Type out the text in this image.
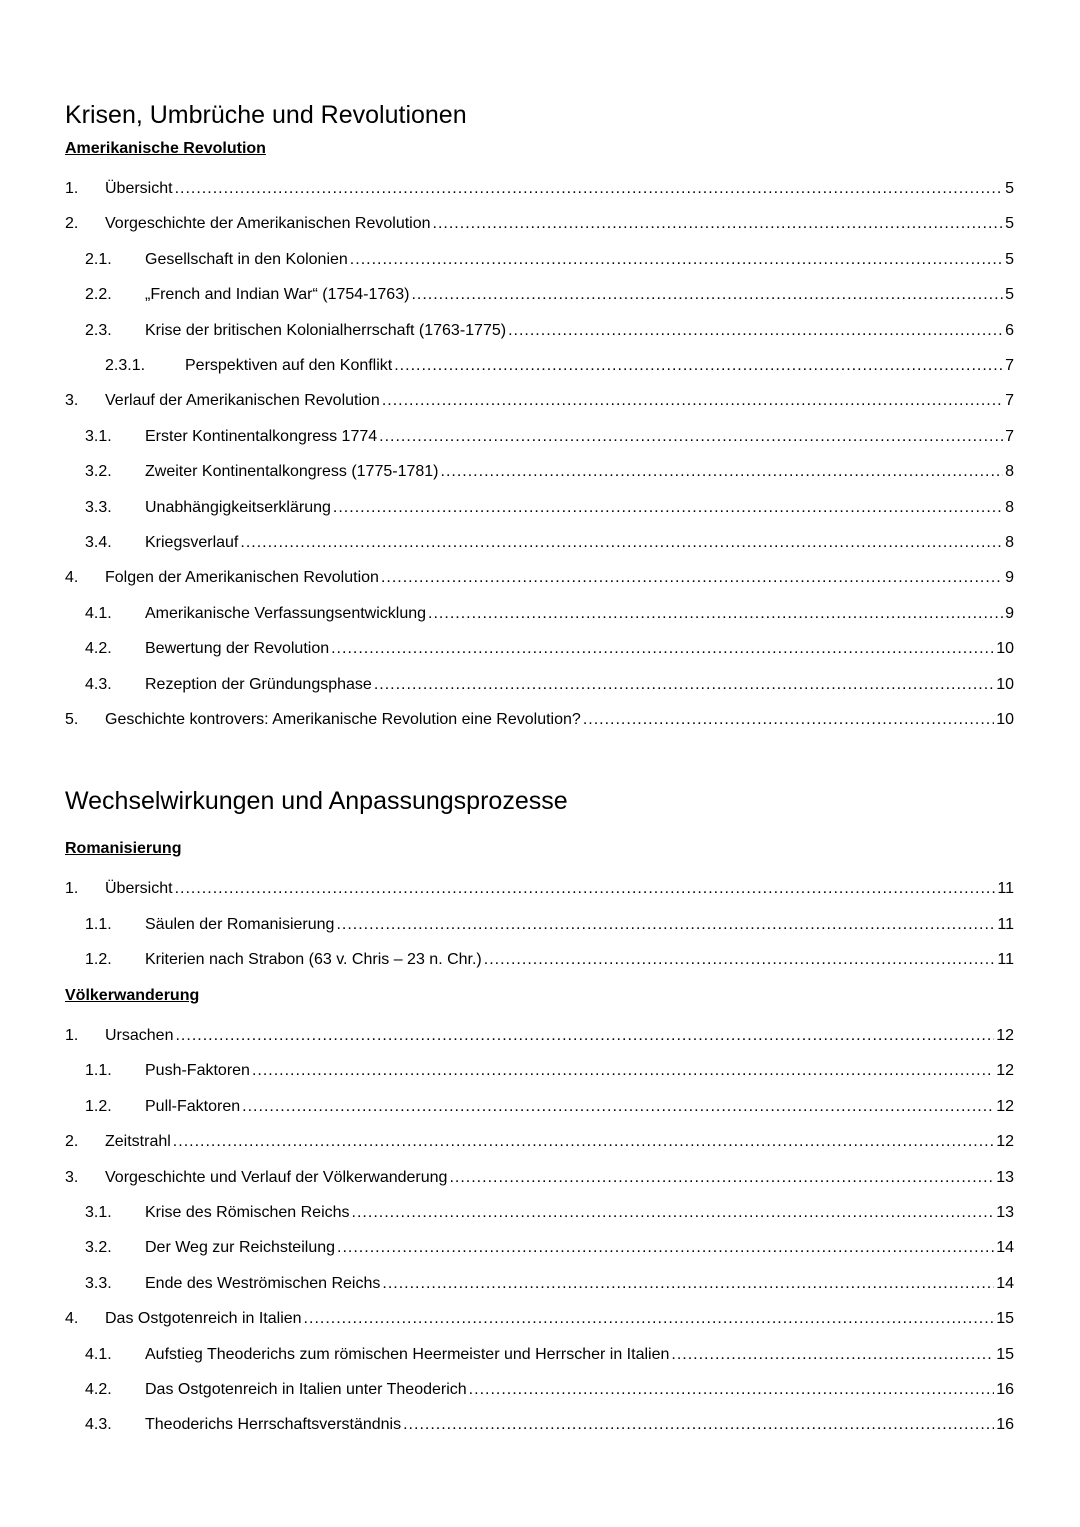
Krisen, Umbrüche und Revolutionen
Amerikanische Revolution
1.	Übersicht .....	5
2.	Vorgeschichte der Amerikanischen Revolution .....	5
2.1.	Gesellschaft in den Kolonien .....	5
2.2.	„French and Indian War“ (1754-1763) .....	5
2.3.	Krise der britischen Kolonialherrschaft (1763-1775) .....	6
2.3.1.	Perspektiven auf den Konflikt .....	7
3.	Verlauf der Amerikanischen Revolution .....	7
3.1.	Erster Kontinentalkongress 1774 .....	7
3.2.	Zweiter Kontinentalkongress (1775-1781) .....	8
3.3.	Unabhängigkeitserklärung .....	8
3.4.	Kriegsverlauf .....	8
4.	Folgen der Amerikanischen Revolution .....	9
4.1.	Amerikanische Verfassungsentwicklung .....	9
4.2.	Bewertung der Revolution .....	10
4.3.	Rezeption der Gründungsphase .....	10
5.	Geschichte kontrovers: Amerikanische Revolution eine Revolution? .....	10
Wechselwirkungen und Anpassungsprozesse
Romanisierung
1.	Übersicht .....	11
1.1.	Säulen der Romanisierung .....	11
1.2.	Kriterien nach Strabon (63 v. Chris – 23 n. Chr.) .....	11
Völkerwanderung
1.	Ursachen .....	12
1.1.	Push-Faktoren .....	12
1.2.	Pull-Faktoren .....	12
2.	Zeitstrahl .....	12
3.	Vorgeschichte und Verlauf der Völkerwanderung .....	13
3.1.	Krise des Römischen Reichs .....	13
3.2.	Der Weg zur Reichsteilung .....	14
3.3.	Ende des Weströmischen Reichs .....	14
4.	Das Ostgotenreich in Italien .....	15
4.1.	Aufstieg Theoderichs zum römischen Heermeister und Herrscher in Italien .....	15
4.2.	Das Ostgotenreich in Italien unter Theoderich .....	16
4.3.	Theoderichs Herrschaftsverständnis .....	16
